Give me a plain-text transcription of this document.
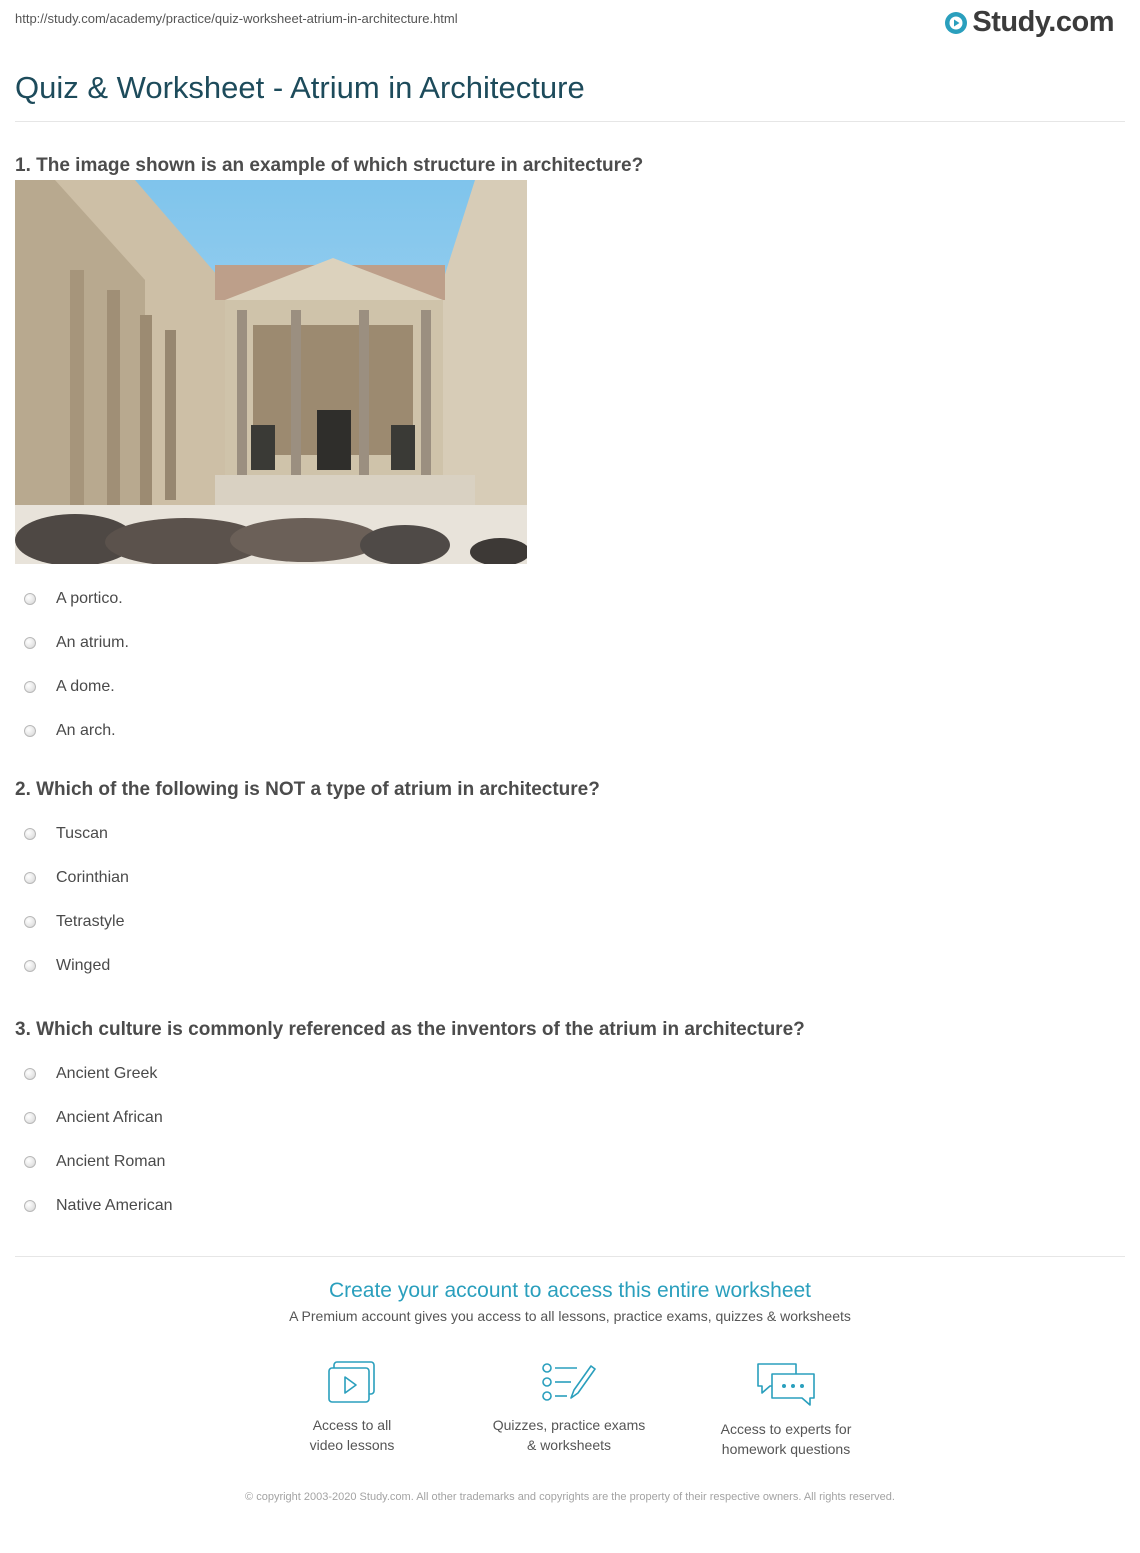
http://study.com/academy/practice/quiz-worksheet-atrium-in-architecture.html	Study.com
Quiz & Worksheet - Atrium in Architecture

1. The image shown is an example of which structure in architecture?

A portico.
An atrium.
A dome.
An arch.

2. Which of the following is NOT a type of atrium in architecture?

Tuscan
Corinthian
Tetrastyle
Winged

3. Which culture is commonly referenced as the inventors of the atrium in architecture?

Ancient Greek
Ancient African
Ancient Roman
Native American
Create your account to access this entire worksheet
A Premium account gives you access to all lessons, practice exams, quizzes & worksheets
Access to all
video lessons
Quizzes, practice exams
& worksheets
Access to experts for
homework questions
© copyright 2003-2020 Study.com. All other trademarks and copyrights are the property of their respective owners. All rights reserved.
